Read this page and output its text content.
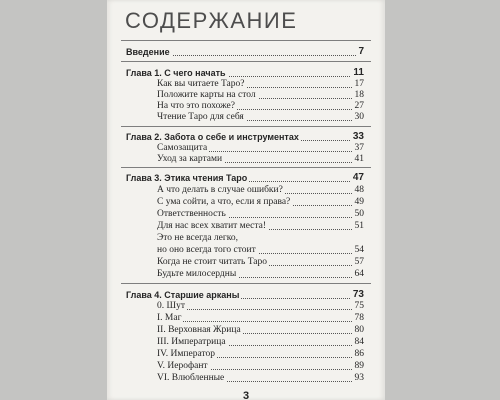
СОДЕРЖАНИЕ
Введение	7
Глава 1. С чего начать	11
Как вы читаете Таро?	17
Положите карты на стол	18
На что это похоже?	27
Чтение Таро для себя	30
Глава 2. Забота о себе и инструментах	33
Самозащита	37
Уход за картами	41
Глава 3. Этика чтения Таро	47
А что делать в случае ошибки?	48
С ума сойти, а что, если я права?	49
Ответственность	50
Для нас всех хватит места!	51
Это не всегда легко,
но оно всегда того стоит	54
Когда не стоит читать Таро	57
Будьте милосердны	64
Глава 4. Старшие арканы	73
0. Шут	75
I. Маг	78
II. Верховная Жрица	80
III. Императрица	84
IV. Император	86
V. Иерофант	89
VI. Влюбленные	93
3
